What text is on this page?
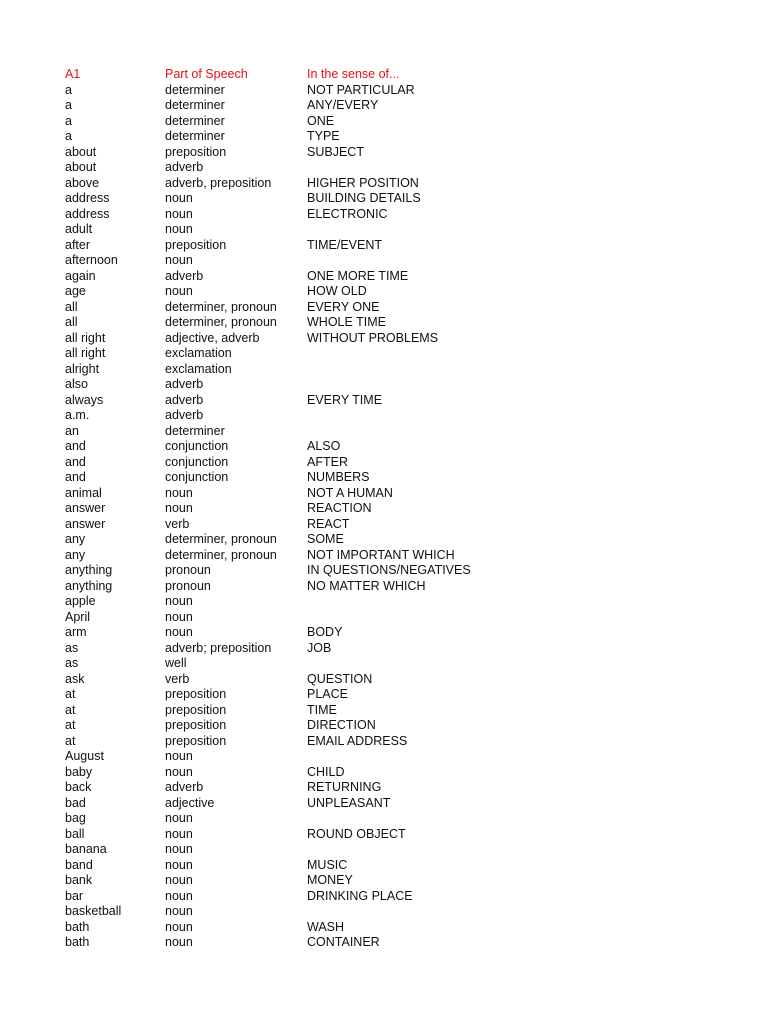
A1	Part of Speech	In the sense of...
a	determiner	NOT PARTICULAR
a	determiner	ANY/EVERY
a	determiner	ONE
a	determiner	TYPE
about	preposition	SUBJECT
about	adverb
above	adverb, preposition	HIGHER POSITION
address	noun	BUILDING DETAILS
address	noun	ELECTRONIC
adult	noun
after	preposition	TIME/EVENT
afternoon	noun
again	adverb	ONE MORE TIME
age	noun	HOW OLD
all	determiner, pronoun	EVERY ONE
all	determiner, pronoun	WHOLE TIME
all right	adjective, adverb	WITHOUT PROBLEMS
all right	exclamation
alright	exclamation
also	adverb
always	adverb	EVERY TIME
a.m.	adverb
an	determiner
and	conjunction	ALSO
and	conjunction	AFTER
and	conjunction	NUMBERS
animal	noun	NOT A HUMAN
answer	noun	REACTION
answer	verb	REACT
any	determiner, pronoun	SOME
any	determiner, pronoun	NOT IMPORTANT WHICH
anything	pronoun	IN QUESTIONS/NEGATIVES
anything	pronoun	NO MATTER WHICH
apple	noun
April	noun
arm	noun	BODY
as	adverb; preposition	JOB
as	well
ask	verb	QUESTION
at	preposition	PLACE
at	preposition	TIME
at	preposition	DIRECTION
at	preposition	EMAIL ADDRESS
August	noun
baby	noun	CHILD
back	adverb	RETURNING
bad	adjective	UNPLEASANT
bag	noun
ball	noun	ROUND OBJECT
banana	noun
band	noun	MUSIC
bank	noun	MONEY
bar	noun	DRINKING PLACE
basketball	noun
bath	noun	WASH
bath	noun	CONTAINER
